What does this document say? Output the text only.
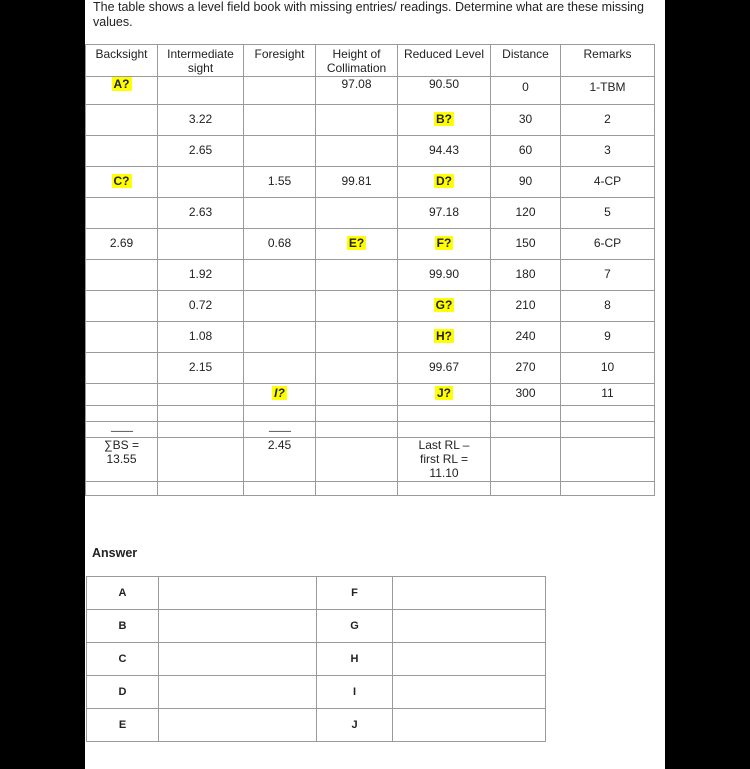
The table shows a level field book with missing entries/ readings. Determine what are these missing values.
Backsight	Intermediate sight	Foresight	Height of Collimation	Reduced Level	Distance	Remarks
A?			97.08	90.50	0	1-TBM

	3.22			B?	30	2

	2.65			94.43	60	3

C?		1.55	99.81	D?	90	4-CP

	2.63			97.18	120	5

2.69		0.68	E?	F?	150	6-CP

	1.92			99.90	180	7

	0.72			G?	210	8

	1.08			H?	240	9

	2.15			99.67	270	10

		I?		J?	300	11

-----------		-----------				
∑BS = 13.55		2.45		Last RL – first RL = 11.10		

Answer
A		F	
B		G	
C		H	
D		I	
E		J	
